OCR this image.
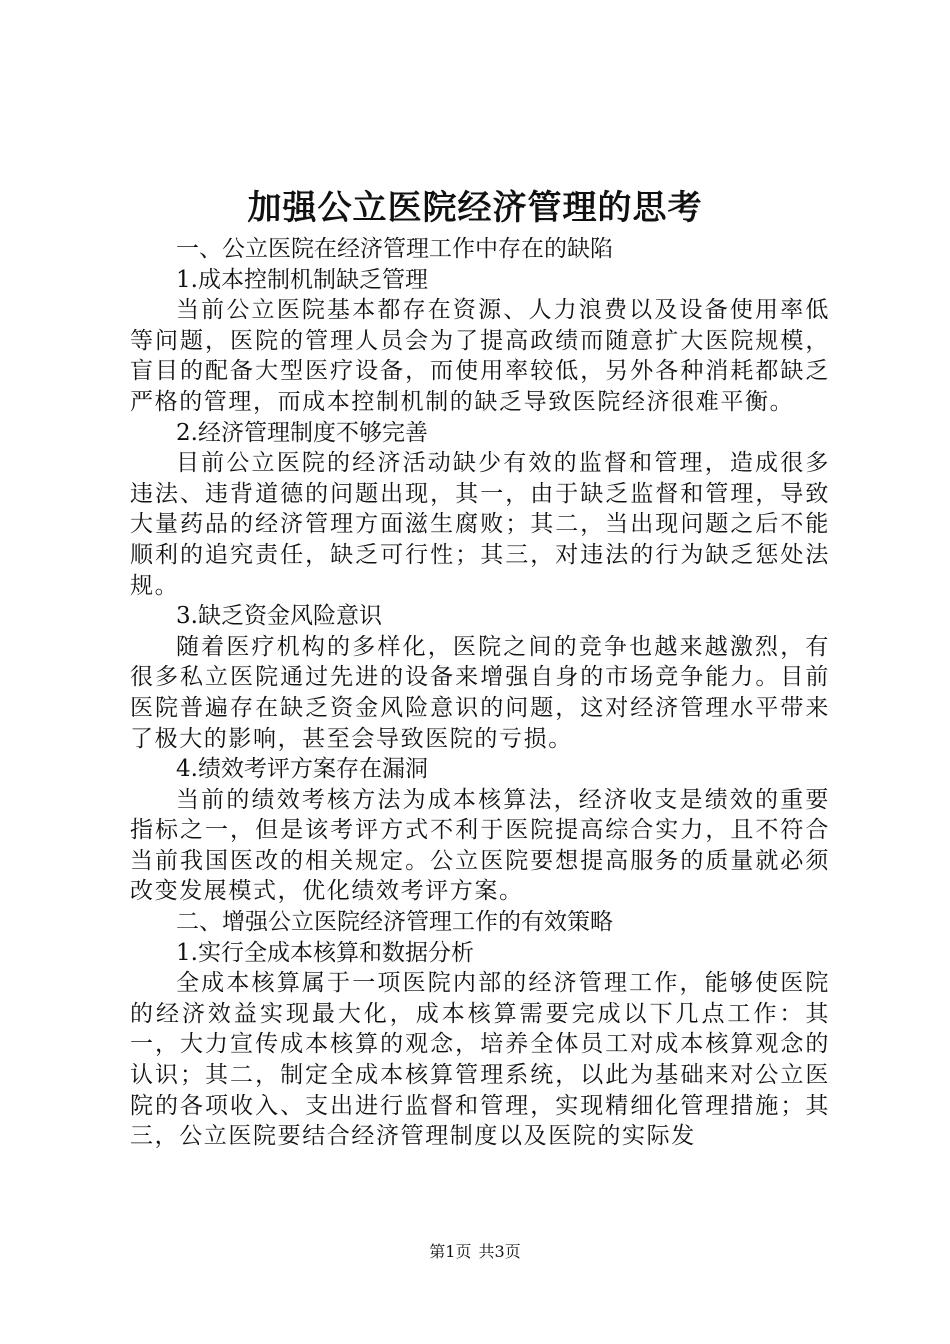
加强公立医院经济管理的思考
一、公立医院在经济管理工作中存在的缺陷
1.成本控制机制缺乏管理
当前公立医院基本都存在资源、人力浪费以及设备使用率低等问题，医院的管理人员会为了提高政绩而随意扩大医院规模，盲目的配备大型医疗设备，而使用率较低，另外各种消耗都缺乏严格的管理，而成本控制机制的缺乏导致医院经济很难平衡。
2.经济管理制度不够完善
目前公立医院的经济活动缺少有效的监督和管理，造成很多违法、违背道德的问题出现，其一，由于缺乏监督和管理，导致大量药品的经济管理方面滋生腐败；其二，当出现问题之后不能顺利的追究责任，缺乏可行性；其三，对违法的行为缺乏惩处法规。
3.缺乏资金风险意识
随着医疗机构的多样化，医院之间的竞争也越来越激烈，有很多私立医院通过先进的设备来增强自身的市场竞争能力。目前医院普遍存在缺乏资金风险意识的问题，这对经济管理水平带来了极大的影响，甚至会导致医院的亏损。
4.绩效考评方案存在漏洞
当前的绩效考核方法为成本核算法，经济收支是绩效的重要指标之一，但是该考评方式不利于医院提高综合实力，且不符合当前我国医改的相关规定。公立医院要想提高服务的质量就必须改变发展模式，优化绩效考评方案。
二、增强公立医院经济管理工作的有效策略
1.实行全成本核算和数据分析
全成本核算属于一项医院内部的经济管理工作，能够使医院的经济效益实现最大化，成本核算需要完成以下几点工作：其一，大力宣传成本核算的观念，培养全体员工对成本核算观念的认识；其二，制定全成本核算管理系统，以此为基础来对公立医院的各项收入、支出进行监督和管理，实现精细化管理措施；其三，公立医院要结合经济管理制度以及医院的实际发
第1页 共3页
